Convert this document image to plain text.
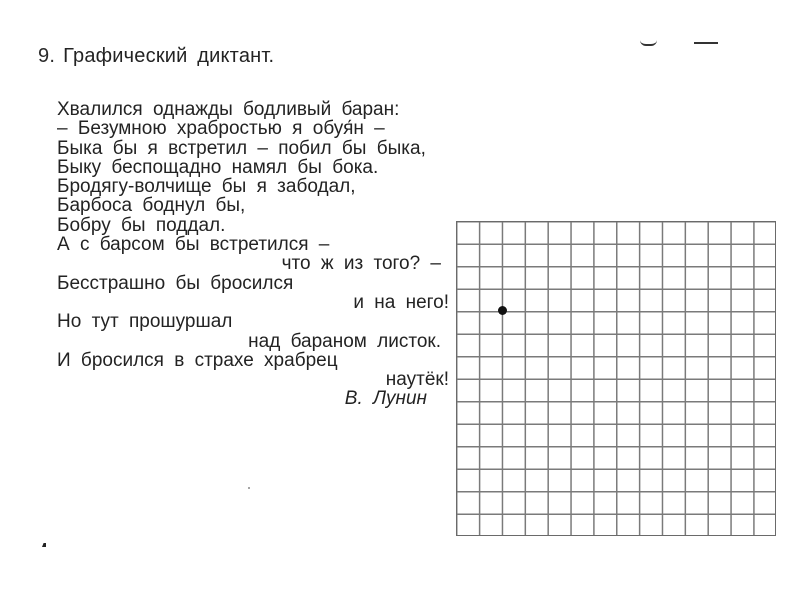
9. Графический диктант.
Хвалился однажды бодливый баран:
– Безумною храбростью я обуя́н –
Быка бы я встретил – побил бы быка,
Быку беспощадно намял бы бока.
Бродягу-волчище бы я забодал,
Барбоса боднул бы,
Бобру бы поддал.
А с барсом бы встретился –
что ж из того? –
Бесстрашно бы бросился
и на него!
Но тут прошуршал
над бараном листок.
И бросился в страхе храбрец
наутёк!
В. Лунин
